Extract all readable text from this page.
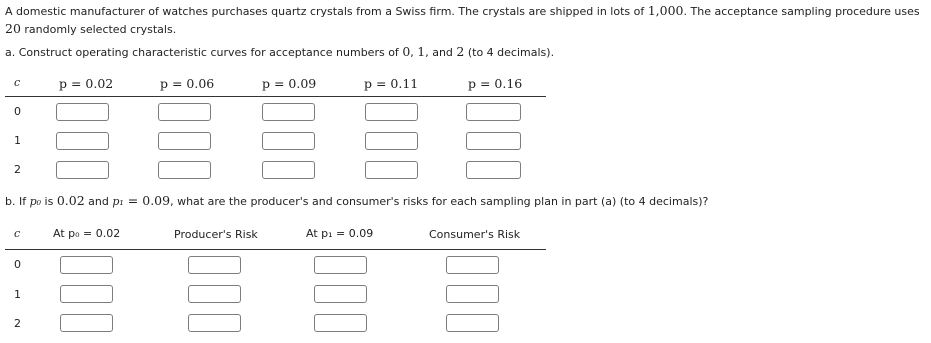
A domestic manufacturer of watches purchases quartz crystals from a Swiss firm. The crystals are shipped in lots of 1,000. The acceptance sampling procedure uses 20 randomly selected crystals.
a. Construct operating characteristic curves for acceptance numbers of 0, 1, and 2 (to 4 decimals).
c	p = 0.02	p = 0.06	p = 0.09	p = 0.11	p = 0.16
0
1
2
b. If p₀ is 0.02 and p₁ = 0.09, what are the producer's and consumer's risks for each sampling plan in part (a) (to 4 decimals)?
c	At p₀ = 0.02	Producer's Risk	At p₁ = 0.09	Consumer's Risk
0
1
2
